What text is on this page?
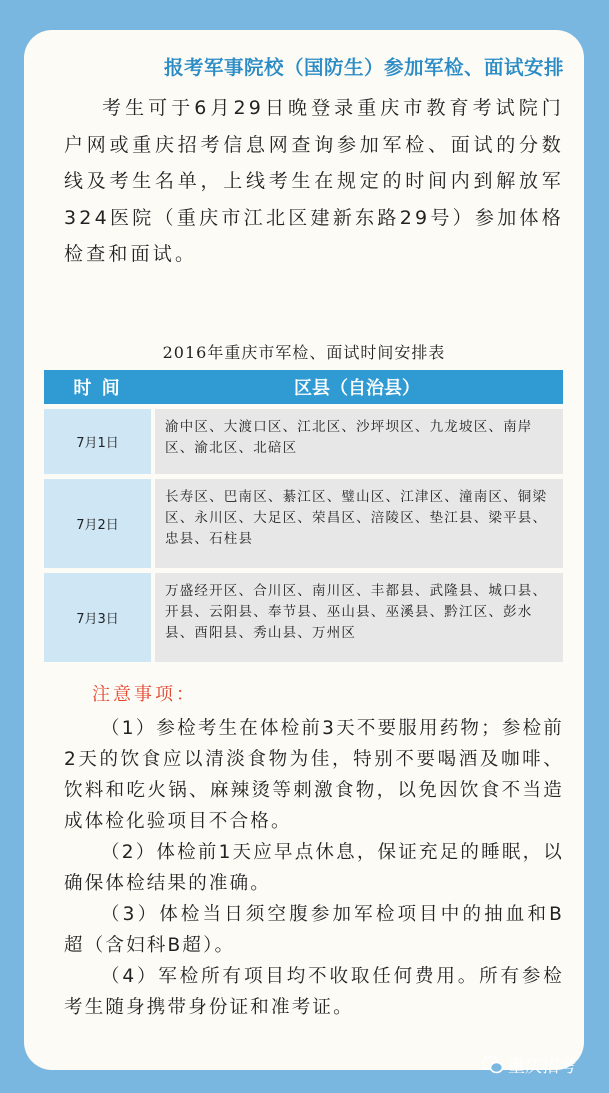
报考军事院校（国防生）参加军检、面试安排

考生可于6月29日晚登录重庆市教育考试院门户网或重庆招考信息网查询参加军检、面试的分数线及考生名单，上线考生在规定的时间内到解放军324医院（重庆市江北区建新东路29号）参加体格检查和面试。

2016年重庆市军检、面试时间安排表
时 间	区县（自治县）
7月1日
渝中区、大渡口区、江北区、沙坪坝区、九龙坡区、南岸区、渝北区、北碚区
7月2日
长寿区、巴南区、綦江区、璧山区、江津区、潼南区、铜梁区、永川区、大足区、荣昌区、涪陵区、垫江县、梁平县、忠县、石柱县
7月3日
万盛经开区、合川区、南川区、丰都县、武隆县、城口县、开县、云阳县、奉节县、巫山县、巫溪县、黔江区、彭水县、酉阳县、秀山县、万州区
注意事项：

（1）参检考生在体检前3天不要服用药物；参检前2天的饮食应以清淡食物为佳，特别不要喝酒及咖啡、饮料和吃火锅、麻辣烫等刺激食物，以免因饮食不当造成体检化验项目不合格。

（2）体检前1天应早点休息，保证充足的睡眠，以确保体检结果的准确。

（3）体检当日须空腹参加军检项目中的抽血和B超（含妇科B超）。

（4）军检所有项目均不收取任何费用。所有参检考生随身携带身份证和准考证。

重庆招考
